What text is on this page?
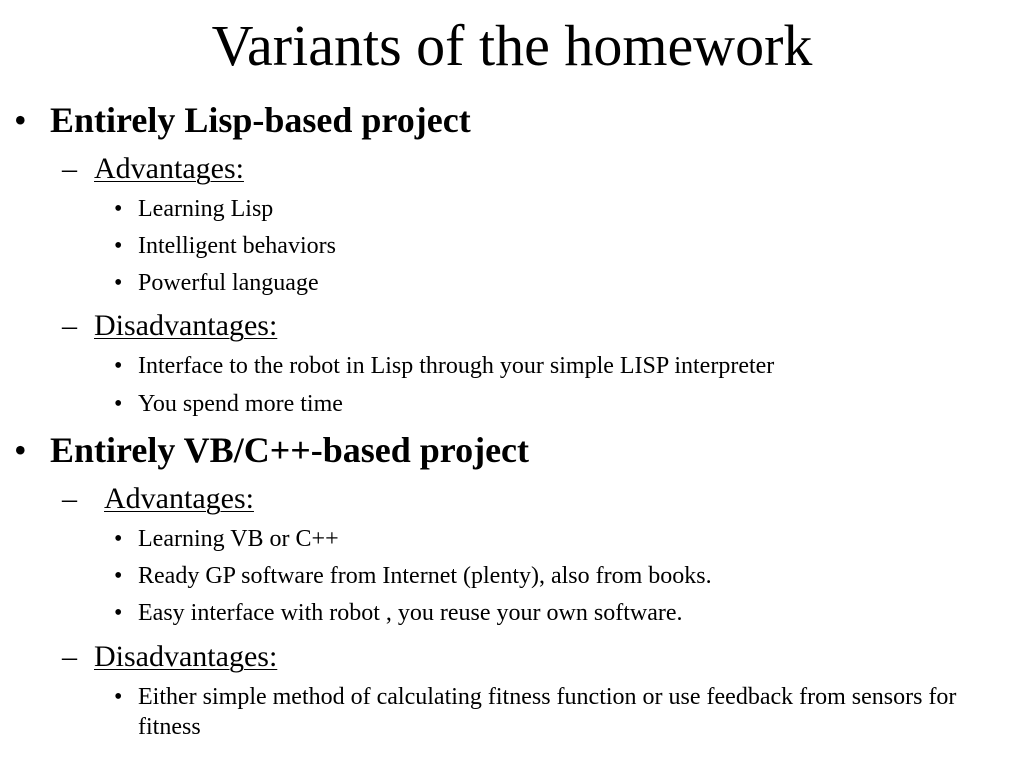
Variants of the homework
• Entirely Lisp-based project
– Advantages:
• Learning Lisp
• Intelligent behaviors
• Powerful language
– Disadvantages:
• Interface to the robot in Lisp through your simple LISP interpreter
• You spend more time
• Entirely VB/C++-based project
– Advantages:
• Learning VB or C++
• Ready GP software from Internet (plenty), also from books.
• Easy interface with robot , you reuse your own software.
– Disadvantages:
• Either simple method of calculating fitness function or use feedback from sensors for fitness
